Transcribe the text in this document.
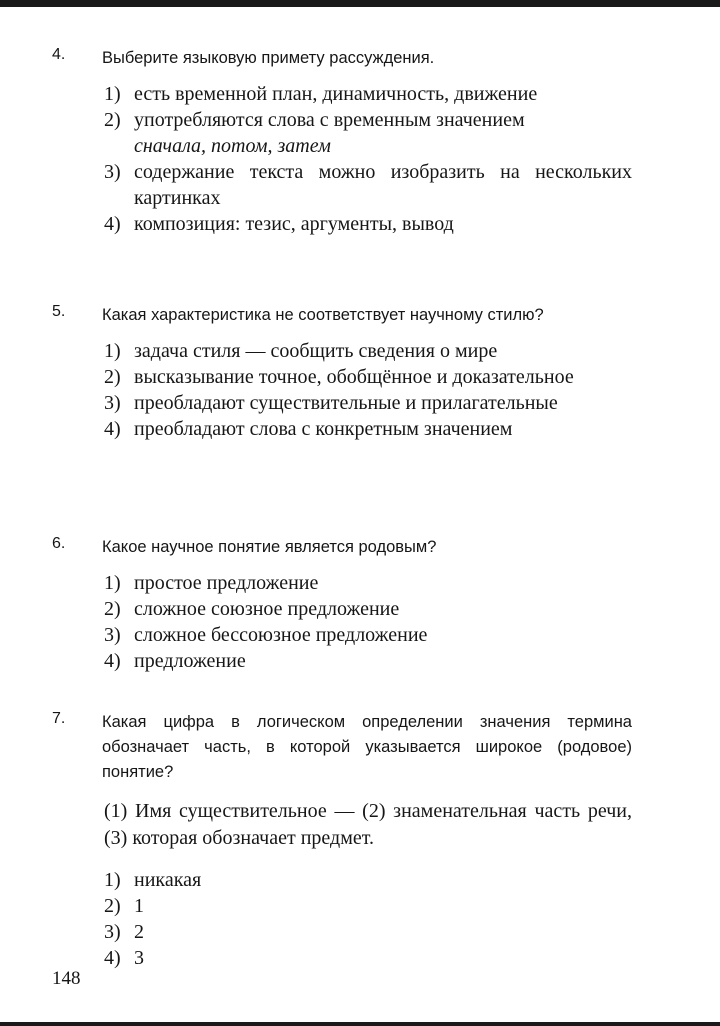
4. Выберите языковую примету рассуждения.
1) есть временной план, динамичность, движение
2) употребляются слова с временным значением
сначала, потом, затем
3) содержание текста можно изобразить на нескольких картинках
4) композиция: тезис, аргументы, вывод
5. Какая характеристика не соответствует научному стилю?
1) задача стиля — сообщить сведения о мире
2) высказывание точное, обобщённое и доказательное
3) преобладают существительные и прилагательные
4) преобладают слова с конкретным значением
6. Какое научное понятие является родовым?
1) простое предложение
2) сложное союзное предложение
3) сложное бессоюзное предложение
4) предложение
7. Какая цифра в логическом определении значения термина обозначает часть, в которой указывается широкое (родовое) понятие?
(1) Имя существительное — (2) знаменательная часть речи, (3) которая обозначает предмет.
1) никакая
2) 1
3) 2
4) 3
148
